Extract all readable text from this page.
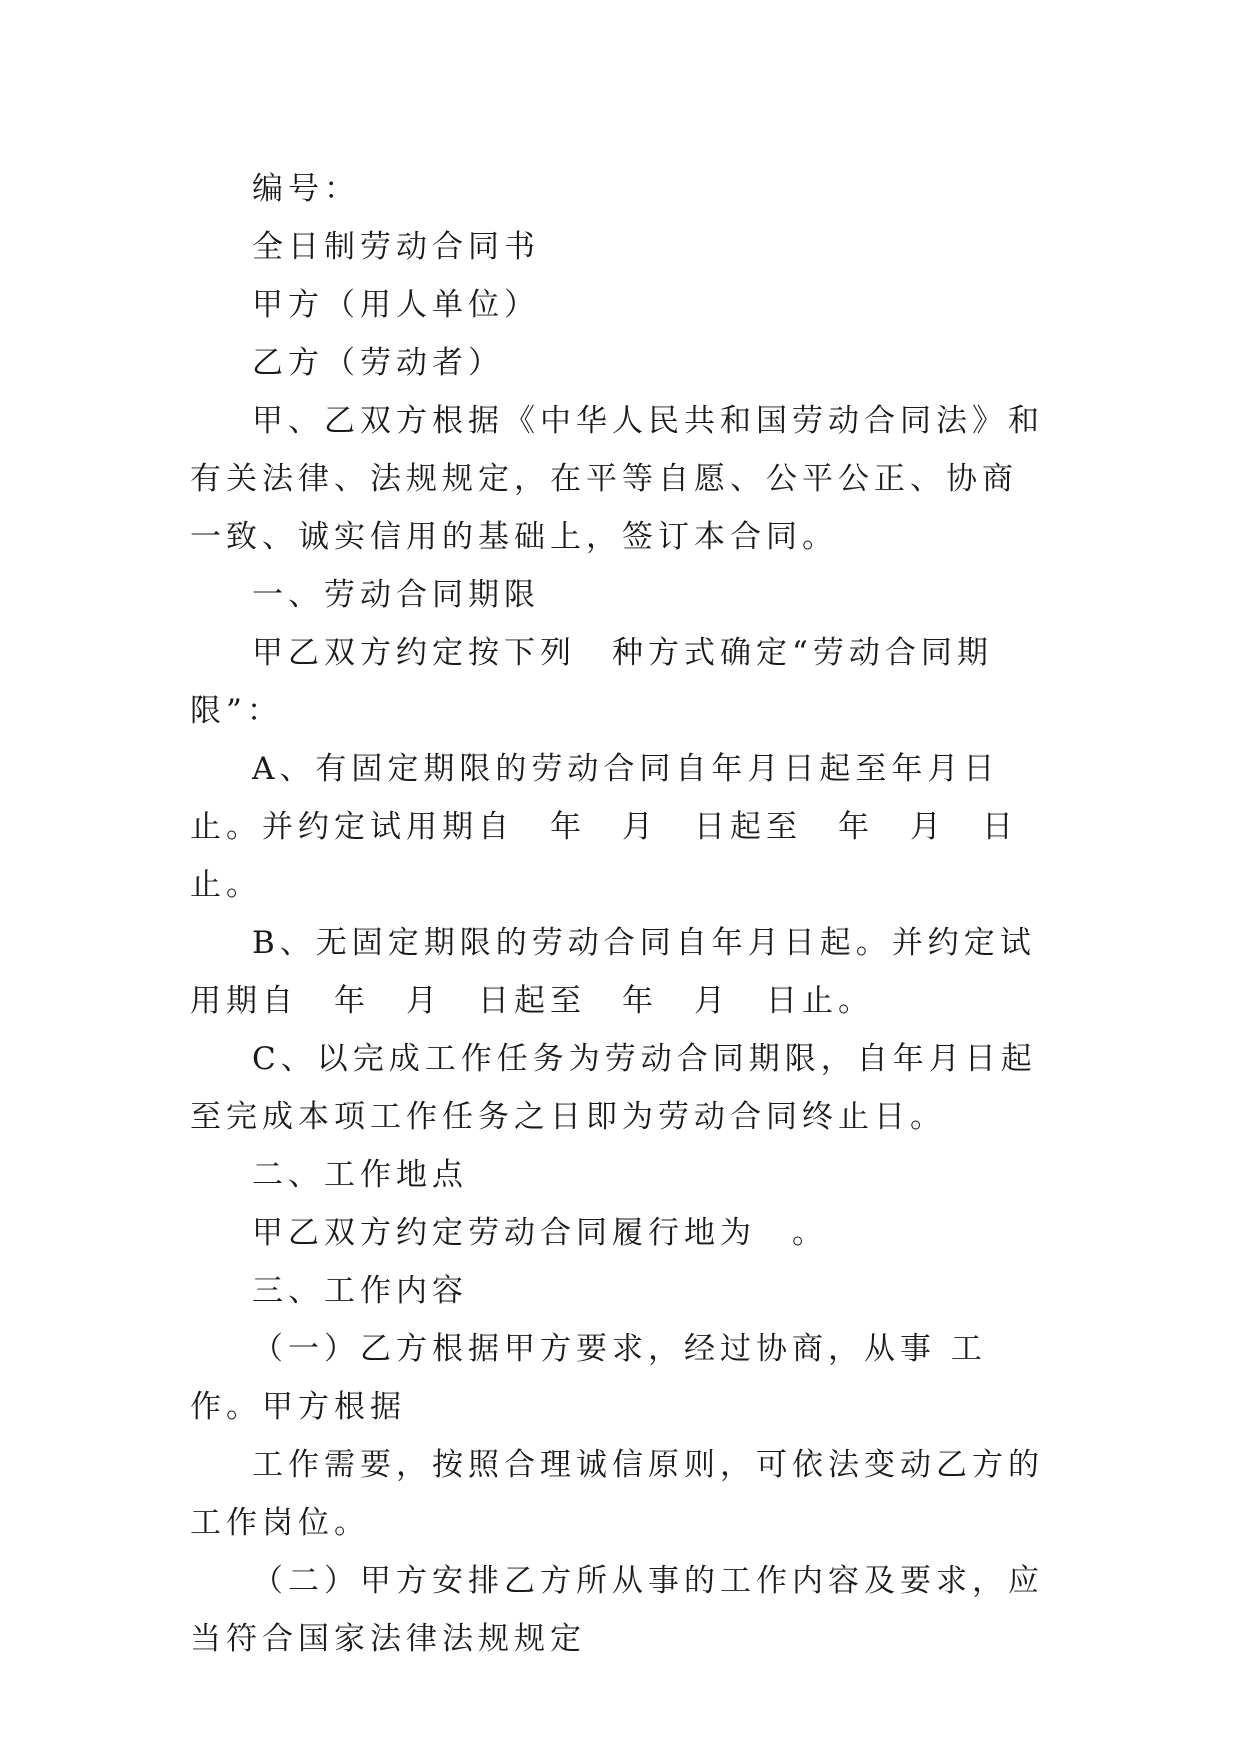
编号：

全日制劳动合同书

甲方（用人单位）

乙方（劳动者）

甲、乙双方根据《中华人民共和国劳动合同法》和有关法律、法规规定，在平等自愿、公平公正、协商一致、诚实信用的基础上，签订本合同。

一、劳动合同期限

甲乙双方约定按下列　种方式确定“劳动合同期限”：

A、有固定期限的劳动合同自年月日起至年月日止。并约定试用期自　年　月　日起至　年　月　日止。

B、无固定期限的劳动合同自年月日起。并约定试用期自　年　月　日起至　年　月　日止。

C、以完成工作任务为劳动合同期限，自年月日起至完成本项工作任务之日即为劳动合同终止日。

二、工作地点

甲乙双方约定劳动合同履行地为　。

三、工作内容

（一）乙方根据甲方要求，经过协商，从事 工作。甲方根据

工作需要，按照合理诚信原则，可依法变动乙方的工作岗位。

（二）甲方安排乙方所从事的工作内容及要求，应当符合国家法律法规规定
